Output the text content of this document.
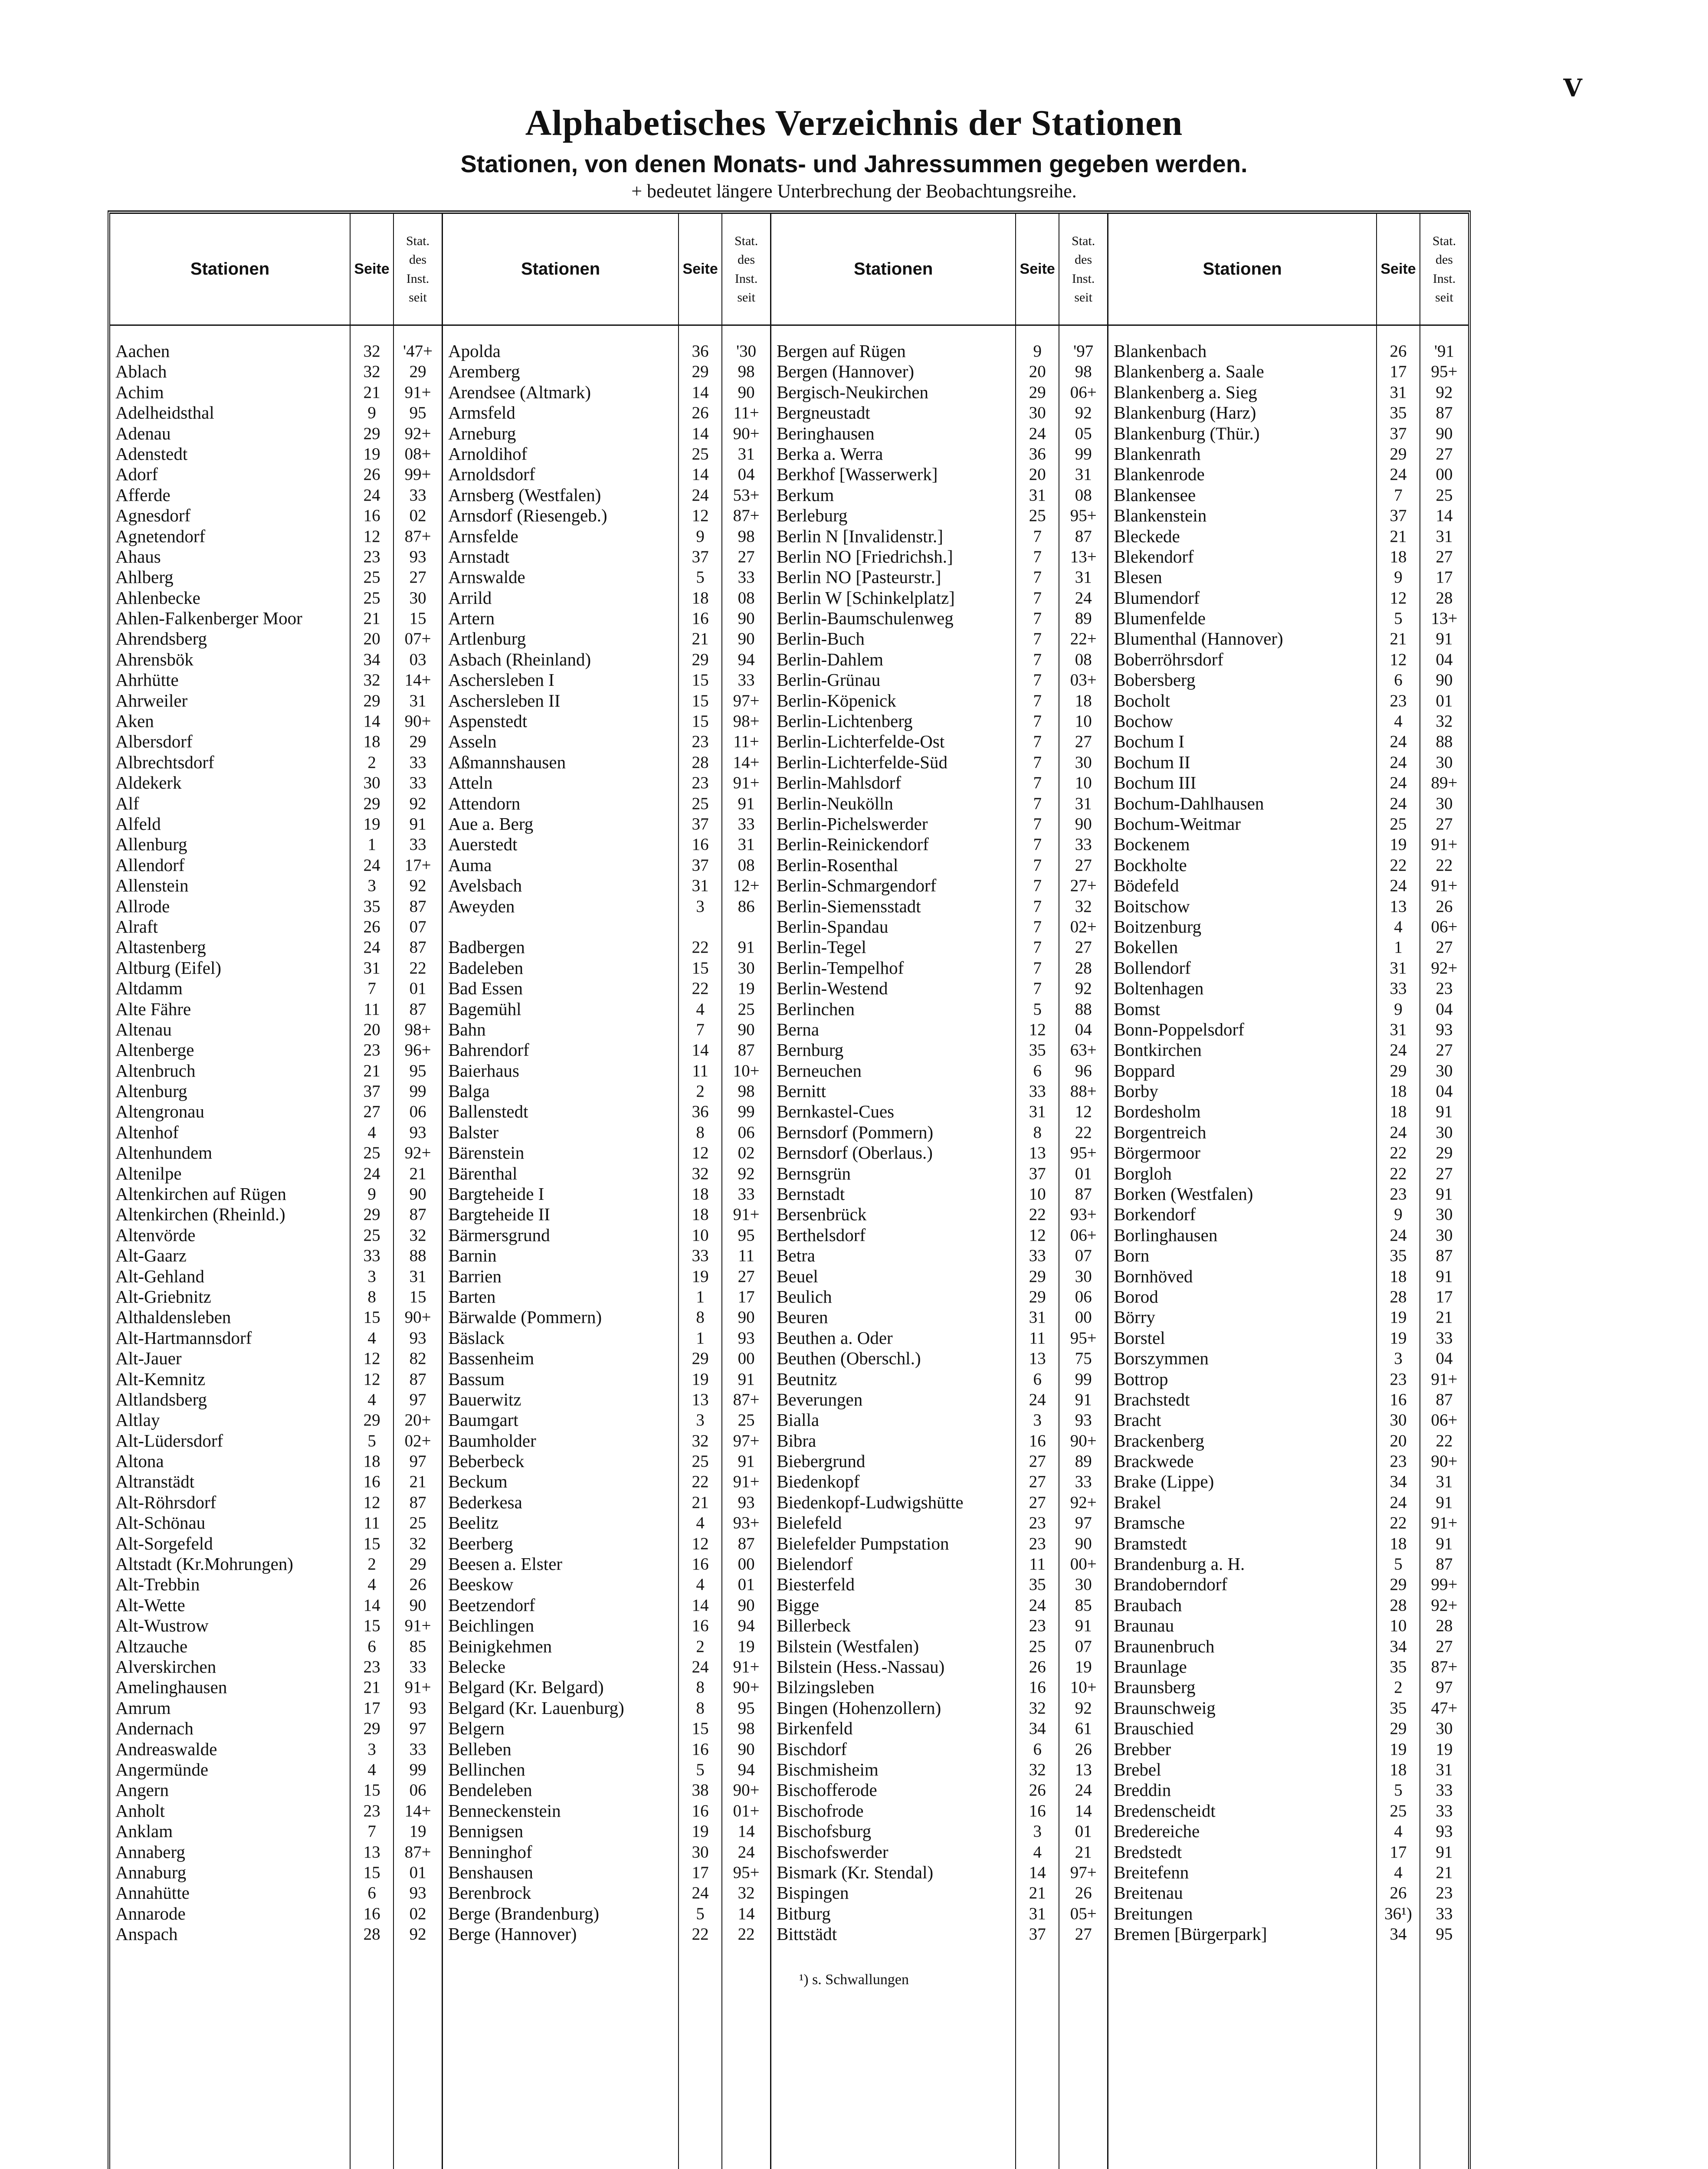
V
Alphabetisches Verzeichnis der Stationen
Stationen, von denen Monats- und Jahressummen gegeben werden.
+ bedeutet längere Unterbrechung der Beobachtungsreihe.
Stationen
Aachen
Ablach
Achim
Adelheidsthal
Adenau
Adenstedt
Adorf
Afferde
Agnesdorf
Agnetendorf
Ahaus
Ahlberg
Ahlenbecke
Ahlen-Falkenberger Moor
Ahrendsberg
Ahrensbök
Ahrhütte
Ahrweiler
Aken
Albersdorf
Albrechtsdorf
Aldekerk
Alf
Alfeld
Allenburg
Allendorf
Allenstein
Allrode
Alraft
Altastenberg
Altburg (Eifel)
Altdamm
Alte Fähre
Altenau
Altenberge
Altenbruch
Altenburg
Altengronau
Altenhof
Altenhundem
Altenilpe
Altenkirchen auf Rügen
Altenkirchen (Rheinld.)
Altenvörde
Alt-Gaarz
Alt-Gehland
Alt-Griebnitz
Althaldensleben
Alt-Hartmannsdorf
Alt-Jauer
Alt-Kemnitz
Altlandsberg
Altlay
Alt-Lüdersdorf
Altona
Altranstädt
Alt-Röhrsdorf
Alt-Schönau
Alt-Sorgefeld
Altstadt (Kr.Mohrungen)
Alt-Trebbin
Alt-Wette
Alt-Wustrow
Altzauche
Alverskirchen
Amelinghausen
Amrum
Andernach
Andreaswalde
Angermünde
Angern
Anholt
Anklam
Annaberg
Annaburg
Annahütte
Annarode
Anspach
Seite
32
32
21
9
29
19
26
24
16
12
23
25
25
21
20
34
32
29
14
18
2
30
29
19
1
24
3
35
26
24
31
7
11
20
23
21
37
27
4
25
24
9
29
25
33
3
8
15
4
12
12
4
29
5
18
16
12
11
15
2
4
14
15
6
23
21
17
29
3
4
15
23
7
13
15
6
16
28
Stat.
des
Inst.
seit
'47+
29
91+
95
92+
08+
99+
33
02
87+
93
27
30
15
07+
03
14+
31
90+
29
33
33
92
91
33
17+
92
87
07
87
22
01
87
98+
96+
95
99
06
93
92+
21
90
87
32
88
31
15
90+
93
82
87
97
20+
02+
97
21
87
25
32
29
26
90
91+
85
33
91+
93
97
33
99
06
14+
19
87+
01
93
02
92
Stationen
Apolda
Aremberg
Arendsee (Altmark)
Armsfeld
Arneburg
Arnoldihof
Arnoldsdorf
Arnsberg (Westfalen)
Arnsdorf (Riesengeb.)
Arnsfelde
Arnstadt
Arnswalde
Arrild
Artern
Artlenburg
Asbach (Rheinland)
Aschersleben I
Aschersleben II
Aspenstedt
Asseln
Aßmannshausen
Atteln
Attendorn
Aue a. Berg
Auerstedt
Auma
Avelsbach
Aweyden
Badbergen
Badeleben
Bad Essen
Bagemühl
Bahn
Bahrendorf
Baierhaus
Balga
Ballenstedt
Balster
Bärenstein
Bärenthal
Bargteheide I
Bargteheide II
Bärmersgrund
Barnin
Barrien
Barten
Bärwalde (Pommern)
Bäslack
Bassenheim
Bassum
Bauerwitz
Baumgart
Baumholder
Beberbeck
Beckum
Bederkesa
Beelitz
Beerberg
Beesen a. Elster
Beeskow
Beetzendorf
Beichlingen
Beinigkehmen
Belecke
Belgard (Kr. Belgard)
Belgard (Kr. Lauenburg)
Belgern
Belleben
Bellinchen
Bendeleben
Benneckenstein
Bennigsen
Benninghof
Benshausen
Berenbrock
Berge (Brandenburg)
Berge (Hannover)
Seite
36
29
14
26
14
25
14
24
12
9
37
5
18
16
21
29
15
15
15
23
28
23
25
37
16
37
31
3
22
15
22
4
7
14
11
2
36
8
12
32
18
18
10
33
19
1
8
1
29
19
13
3
32
25
22
21
4
12
16
4
14
16
2
24
8
8
15
16
5
38
16
19
30
17
24
5
22
Stat.
des
Inst.
seit
'30
98
90
11+
90+
31
04
53+
87+
98
27
33
08
90
90
94
33
97+
98+
11+
14+
91+
91
33
31
08
12+
86
91
30
19
25
90
87
10+
98
99
06
02
92
33
91+
95
11
27
17
90
93
00
91
87+
25
97+
91
91+
93
93+
87
00
01
90
94
19
91+
90+
95
98
90
94
90+
01+
14
24
95+
32
14
22
Stationen
Bergen auf Rügen
Bergen (Hannover)
Bergisch-Neukirchen
Bergneustadt
Beringhausen
Berka a. Werra
Berkhof [Wasserwerk]
Berkum
Berleburg
Berlin N [Invalidenstr.]
Berlin NO [Friedrichsh.]
Berlin NO [Pasteurstr.]
Berlin W [Schinkelplatz]
Berlin-Baumschulenweg
Berlin-Buch
Berlin-Dahlem
Berlin-Grünau
Berlin-Köpenick
Berlin-Lichtenberg
Berlin-Lichterfelde-Ost
Berlin-Lichterfelde-Süd
Berlin-Mahlsdorf
Berlin-Neukölln
Berlin-Pichelswerder
Berlin-Reinickendorf
Berlin-Rosenthal
Berlin-Schmargendorf
Berlin-Siemensstadt
Berlin-Spandau
Berlin-Tegel
Berlin-Tempelhof
Berlin-Westend
Berlinchen
Berna
Bernburg
Berneuchen
Bernitt
Bernkastel-Cues
Bernsdorf (Pommern)
Bernsdorf (Oberlaus.)
Bernsgrün
Bernstadt
Bersenbrück
Berthelsdorf
Betra
Beuel
Beulich
Beuren
Beuthen a. Oder
Beuthen (Oberschl.)
Beutnitz
Beverungen
Bialla
Bibra
Biebergrund
Biedenkopf
Biedenkopf-Ludwigshütte
Bielefeld
Bielefelder Pumpstation
Bielendorf
Biesterfeld
Bigge
Billerbeck
Bilstein (Westfalen)
Bilstein (Hess.-Nassau)
Bilzingsleben
Bingen (Hohenzollern)
Birkenfeld
Bischdorf
Bischmisheim
Bischofferode
Bischofrode
Bischofsburg
Bischofswerder
Bismark (Kr. Stendal)
Bispingen
Bitburg
Bittstädt
Seite
9
20
29
30
24
36
20
31
25
7
7
7
7
7
7
7
7
7
7
7
7
7
7
7
7
7
7
7
7
7
7
7
5
12
35
6
33
31
8
13
37
10
22
12
33
29
29
31
11
13
6
24
3
16
27
27
27
23
23
11
35
24
23
25
26
16
32
34
6
32
26
16
3
4
14
21
31
37
Stat.
des
Inst.
seit
'97
98
06+
92
05
99
31
08
95+
87
13+
31
24
89
22+
08
03+
18
10
27
30
10
31
90
33
27
27+
32
02+
27
28
92
88
04
63+
96
88+
12
22
95+
01
87
93+
06+
07
30
06
00
95+
75
99
91
93
90+
89
33
92+
97
90
00+
30
85
91
07
19
10+
92
61
26
13
24
14
01
21
97+
26
05+
27
Stationen
Blankenbach
Blankenberg a. Saale
Blankenberg a. Sieg
Blankenburg (Harz)
Blankenburg (Thür.)
Blankenrath
Blankenrode
Blankensee
Blankenstein
Bleckede
Blekendorf
Blesen
Blumendorf
Blumenfelde
Blumenthal (Hannover)
Boberröhrsdorf
Bobersberg
Bocholt
Bochow
Bochum I
Bochum II
Bochum III
Bochum-Dahlhausen
Bochum-Weitmar
Bockenem
Bockholte
Bödefeld
Boitschow
Boitzenburg
Bokellen
Bollendorf
Boltenhagen
Bomst
Bonn-Poppelsdorf
Bontkirchen
Boppard
Borby
Bordesholm
Borgentreich
Börgermoor
Borgloh
Borken (Westfalen)
Borkendorf
Borlinghausen
Born
Bornhöved
Borod
Börry
Borstel
Borszymmen
Bottrop
Brachstedt
Bracht
Brackenberg
Brackwede
Brake (Lippe)
Brakel
Bramsche
Bramstedt
Brandenburg a. H.
Brandoberndorf
Braubach
Braunau
Braunenbruch
Braunlage
Braunsberg
Braunschweig
Brauschied
Brebber
Brebel
Breddin
Bredenscheidt
Bredereiche
Bredstedt
Breitefenn
Breitenau
Breitungen
Bremen [Bürgerpark]
Seite
26
17
31
35
37
29
24
7
37
21
18
9
12
5
21
12
6
23
4
24
24
24
24
25
19
22
24
13
4
1
31
33
9
31
24
29
18
18
24
22
22
23
9
24
35
18
28
19
19
3
23
16
30
20
23
34
24
22
18
5
29
28
10
34
35
2
35
29
19
18
5
25
4
17
4
26
36¹)
34
Stat.
des
Inst.
seit
'91
95+
92
87
90
27
00
25
14
31
27
17
28
13+
91
04
90
01
32
88
30
89+
30
27
91+
22
91+
26
06+
27
92+
23
04
93
27
30
04
91
30
29
27
91
30
30
87
91
17
21
33
04
91+
87
06+
22
90+
31
91
91+
91
87
99+
92+
28
27
87+
97
47+
30
19
31
33
33
93
91
21
23
33
95
¹) s. Schwallungen
